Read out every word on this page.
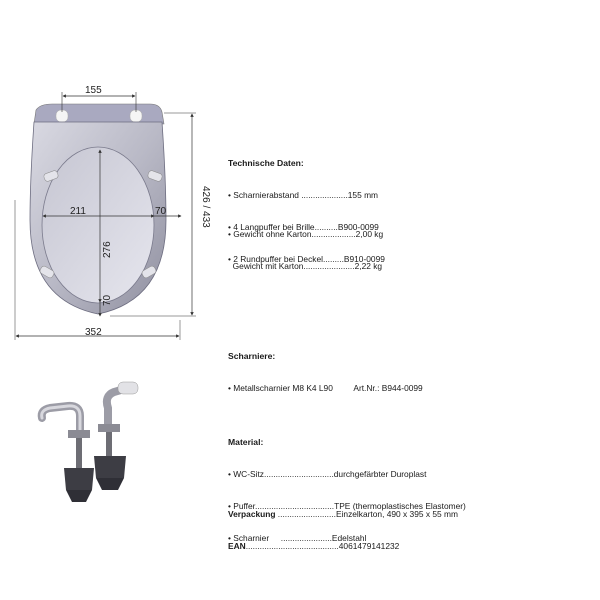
155
211	70
276
70
426 / 433
352

Technische Daten:

• Scharnierabstand ....................155 mm

• 4 Langpuffer bei Brille..........B900-0099

• 2 Rundpuffer bei Deckel.........B910-0099

• Gewicht ohne Karton...................2,00 kg

Gewicht mit Karton......................2,22 kg

Scharniere:

• Metallscharnier M8 K4 L90         Art.Nr.: B944-0099

Material:

• WC-Sitz..............................durchgefärbter Duroplast

• Puffer..................................TPE (thermoplastisches Elastomer)

• Scharnier     ......................Edelstahl

Verpackung .........................Einzelkarton, 490 x 395 x 55 mm

EAN........................................4061479141232
